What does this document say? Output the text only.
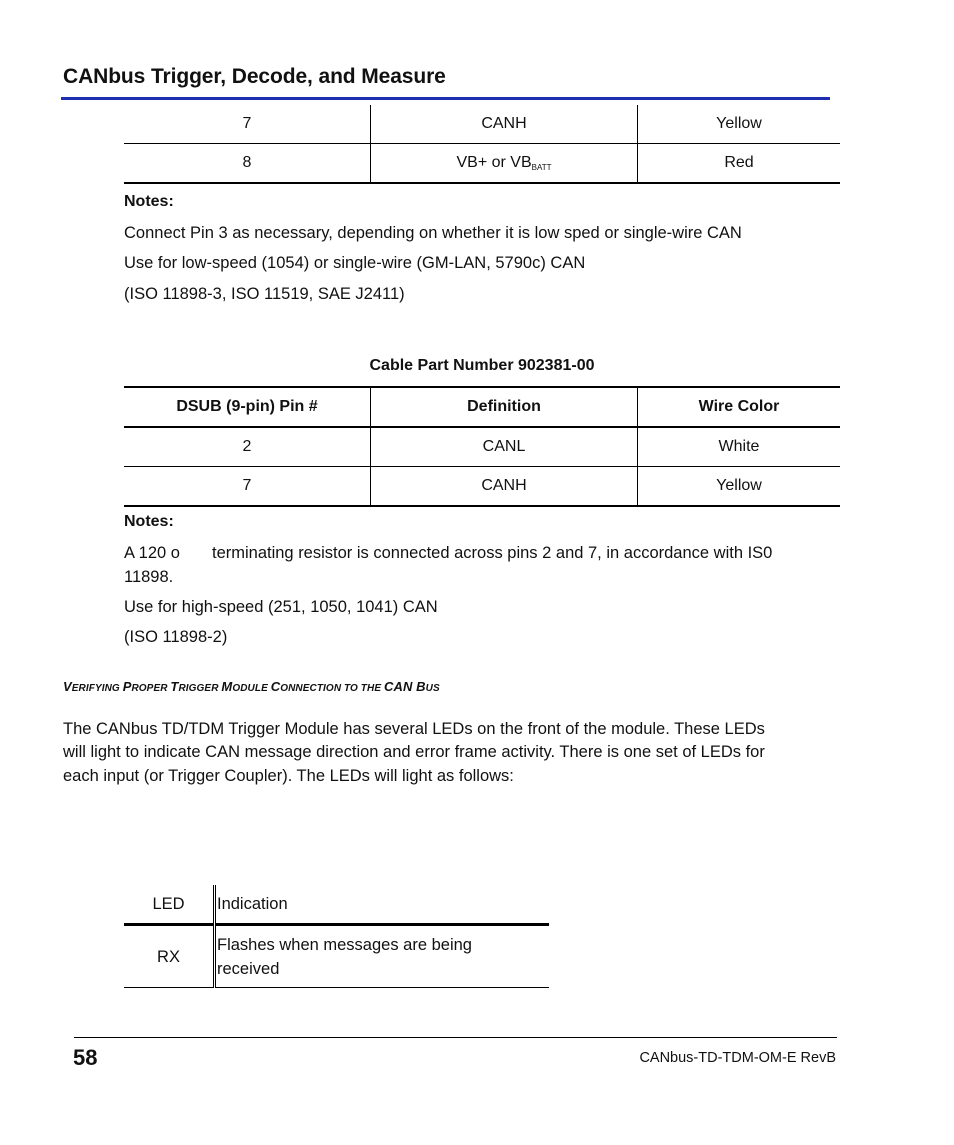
CANbus Trigger, Decode, and Measure
7	CANH	Yellow
8	VB+ or $VB_{BATT}$	Red
Notes:
Connect Pin 3 as necessary, depending on whether it is low sped or single-wire CAN
Use for low-speed (1054) or single-wire (GM-LAN, 5790c) CAN
(ISO 11898-3, ISO 11519, SAE J2411)
Cable Part Number 902381-00
DSUB (9-pin) Pin #	Definition	Wire Color
2	CANL	White
7	CANH	Yellow
Notes:
A 120 o terminating resistor is connected across pins 2 and 7, in accordance with IS0
11898.
Use for high-speed (251, 1050, 1041) CAN
(ISO 11898-2)
VERIFYING PROPER TRIGGER MODULE CONNECTION TO THE CAN BUS
The CANbus TD/TDM Trigger Module has several LEDs on the front of the module. These LEDs
will light to indicate CAN message direction and error frame activity. There is one set of LEDs for
each input (or Trigger Coupler). The LEDs will light as follows:
LED	Indication
RX	Flashes when messages are being
received
58	CANbus-TD-TDM-OM-E RevB
